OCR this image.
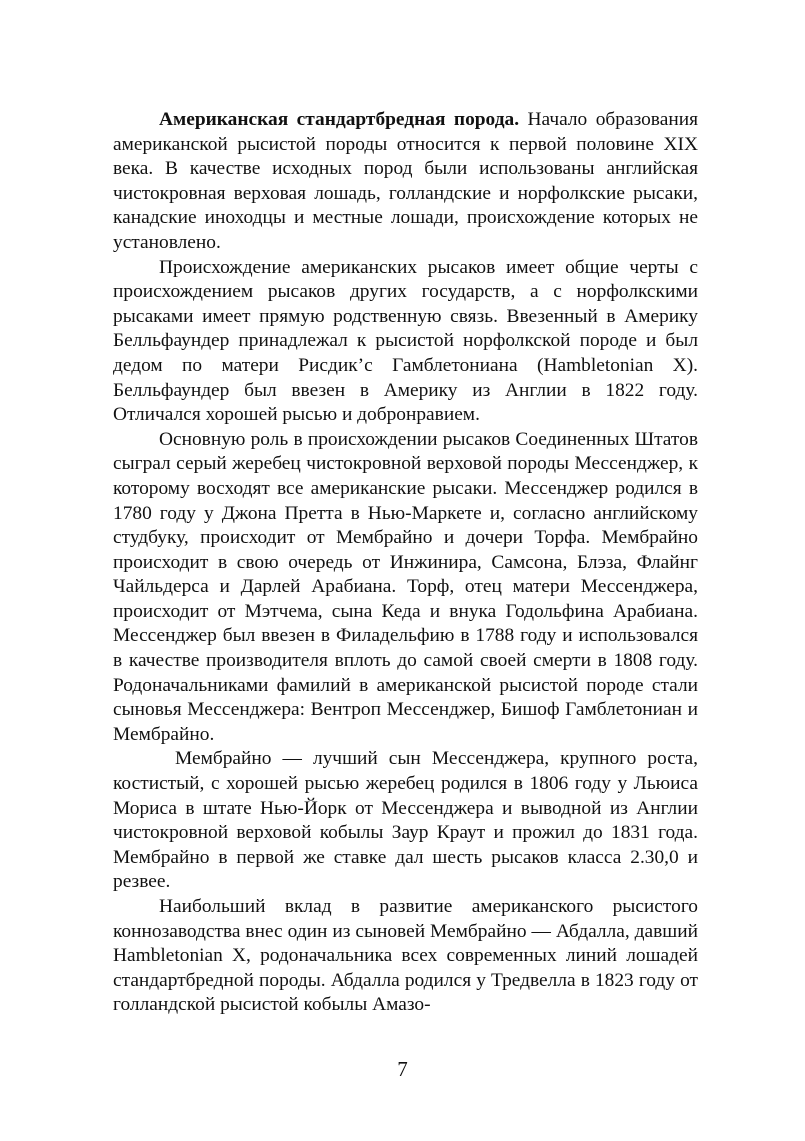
Американская стандартбредная порода. Начало образования американской рысистой породы относится к первой половине XIX века. В качестве исходных пород были использованы английская чистокровная верховая лошадь, голландские и норфолкские рысаки, канадские иноходцы и местные лошади, происхождение которых не установлено.

Происхождение американских рысаков имеет общие черты с происхождением рысаков других государств, а с норфолкскими рысаками имеет прямую родственную связь. Ввезенный в Америку Белльфаундер принадлежал к рысистой норфолкской породе и был дедом по матери Рисдик’с Гамблетониана (Hambletonian X). Белльфаундер был ввезен в Америку из Англии в 1822 году. Отличался хорошей рысью и добронравием.

Основную роль в происхождении рысаков Соединенных Штатов сыграл серый жеребец чистокровной верховой породы Мессенджер, к которому восходят все американские рысаки. Мессенджер родился в 1780 году у Джона Претта в Нью-Маркете и, согласно английскому студбуку, происходит от Мембрайно и дочери Торфа. Мембрайно происходит в свою очередь от Инжинира, Самсона, Блэза, Флайнг Чайльдерса и Дарлей Арабиана. Торф, отец матери Мессенджера, происходит от Мэтчема, сына Кеда и внука Годольфина Арабиана. Мессенджер был ввезен в Филадельфию в 1788 году и использовался в качестве производителя вплоть до самой своей смерти в 1808 году. Родоначальниками фамилий в американской рысистой породе стали сыновья Мессенджера: Вентроп Мессенджер, Бишоф Гамблетониан и Мембрайно.

Мембрайно — лучший сын Мессенджера, крупного роста, костистый, с хорошей рысью жеребец родился в 1806 году у Льюиса Мориса в штате Нью-Йорк от Мессенджера и выводной из Англии чистокровной верховой кобылы Заур Краут и прожил до 1831 года. Мембрайно в первой же ставке дал шесть рысаков класса 2.30,0 и резвее.

Наибольший вклад в развитие американского рысистого коннозаводства внес один из сыновей Мембрайно — Абдалла, давший Hambletonian X, родоначальника всех современных линий лошадей стандартбредной породы. Абдалла родился у Тредвелла в 1823 году от голландской рысистой кобылы Амазо-

7
